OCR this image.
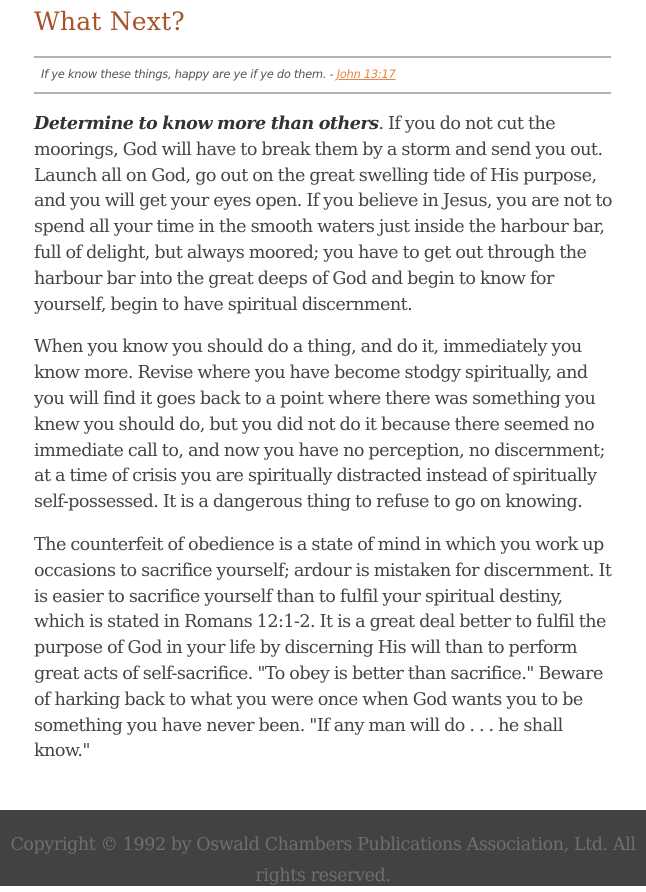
What Next?
If ye know these things, happy are ye if ye do them. - John 13:17

Determine to know more than others. If you do not cut the moorings, God will have to break them by a storm and send you out. Launch all on God, go out on the great swelling tide of His purpose, and you will get your eyes open. If you believe in Jesus, you are not to spend all your time in the smooth waters just inside the harbour bar, full of delight, but always moored; you have to get out through the harbour bar into the great deeps of God and begin to know for yourself, begin to have spiritual discernment.

When you know you should do a thing, and do it, immediately you know more. Revise where you have become stodgy spiritually, and you will find it goes back to a point where there was something you knew you should do, but you did not do it because there seemed no immediate call to, and now you have no perception, no discernment; at a time of crisis you are spiritually distracted instead of spiritually self-possessed. It is a dangerous thing to refuse to go on knowing.

The counterfeit of obedience is a state of mind in which you work up occasions to sacrifice yourself; ardour is mistaken for discernment. It is easier to sacrifice yourself than to fulfil your spiritual destiny, which is stated in Romans 12:1-2. It is a great deal better to fulfil the purpose of God in your life by discerning His will than to perform great acts of self-sacrifice. "To obey is better than sacrifice." Beware of harking back to what you were once when God wants you to be something you have never been. "If any man will do . . . he shall know."

Copyright © 1992 by Oswald Chambers Publications Association, Ltd. All rights reserved.
